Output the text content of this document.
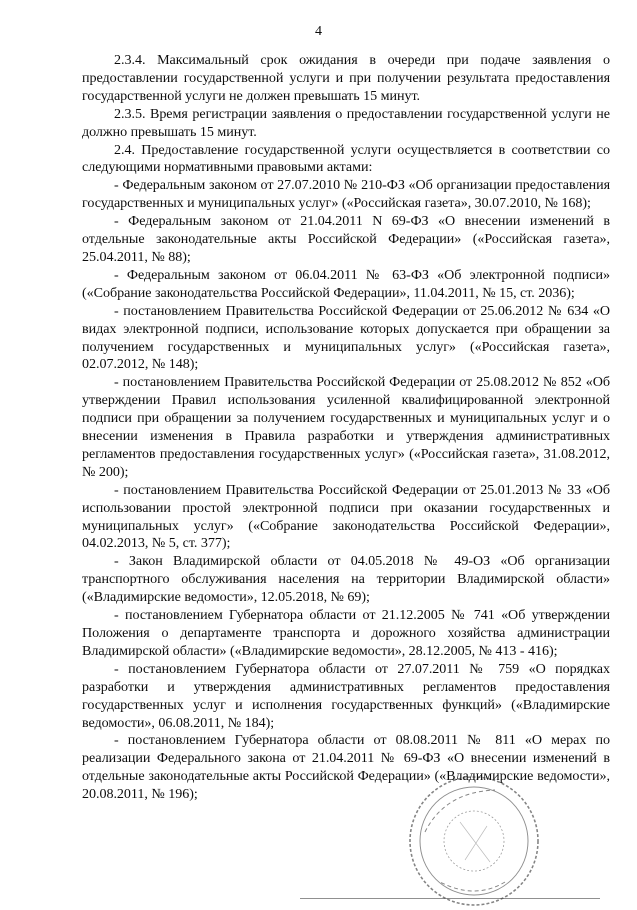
4

2.3.4. Максимальный срок ожидания в очереди при подаче заявления о предоставлении государственной услуги и при получении результата предоставления государственной услуги не должен превышать 15 минут.

2.3.5. Время регистрации заявления о предоставлении государственной услуги не должно превышать 15 минут.

2.4. Предоставление государственной услуги осуществляется в соответствии со следующими нормативными правовыми актами:

- Федеральным законом от 27.07.2010 № 210-ФЗ «Об организации предоставления государственных и муниципальных услуг» («Российская газета», 30.07.2010, № 168);

- Федеральным законом от 21.04.2011 N 69-ФЗ «О внесении изменений в отдельные законодательные акты Российской Федерации» («Российская газета», 25.04.2011, № 88);

- Федеральным законом от 06.04.2011 № 63-ФЗ «Об электронной подписи» («Собрание законодательства Российской Федерации», 11.04.2011, № 15, ст. 2036);

- постановлением Правительства Российской Федерации от 25.06.2012 № 634 «О видах электронной подписи, использование которых допускается при обращении за получением государственных и муниципальных услуг» («Российская газета», 02.07.2012, № 148);

- постановлением Правительства Российской Федерации от 25.08.2012 № 852 «Об утверждении Правил использования усиленной квалифицированной электронной подписи при обращении за получением государственных и муниципальных услуг и о внесении изменения в Правила разработки и утверждения административных регламентов предоставления государственных услуг» («Российская газета», 31.08.2012, № 200);

- постановлением Правительства Российской Федерации от 25.01.2013 № 33 «Об использовании простой электронной подписи при оказании государственных и муниципальных услуг» («Собрание законодательства Российской Федерации», 04.02.2013, № 5, ст. 377);

- Закон Владимирской области от 04.05.2018 № 49-ОЗ «Об организации транспортного обслуживания населения на территории Владимирской области» («Владимирские ведомости», 12.05.2018, № 69);

- постановлением Губернатора области от 21.12.2005 № 741 «Об утверждении Положения о департаменте транспорта и дорожного хозяйства администрации Владимирской области» («Владимирские ведомости», 28.12.2005, № 413 - 416);

- постановлением Губернатора области от 27.07.2011 № 759 «О порядках разработки и утверждения административных регламентов предоставления государственных услуг и исполнения государственных функций» («Владимирские ведомости», 06.08.2011, № 184);

- постановлением Губернатора области от 08.08.2011 № 811 «О мерах по реализации Федерального закона от 21.04.2011 № 69-ФЗ «О внесении изменений в отдельные законодательные акты Российской Федерации» («Владимирские ведомости», 20.08.2011, № 196);
